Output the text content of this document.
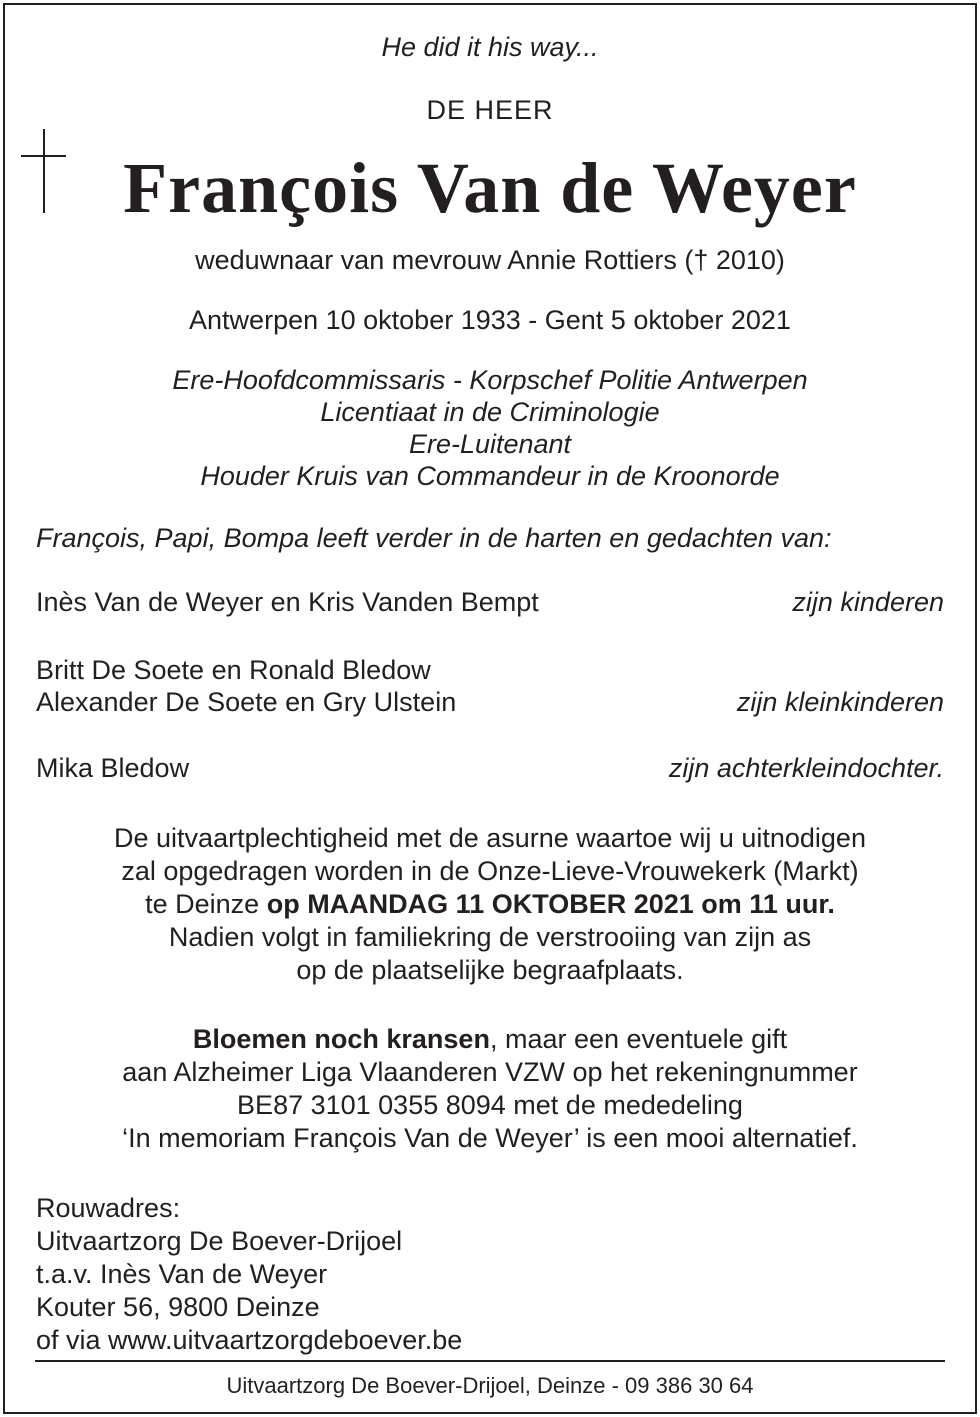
He did it his way...
DE HEER
François Van de Weyer
weduwnaar van mevrouw Annie Rottiers († 2010)
Antwerpen 10 oktober 1933 - Gent 5 oktober 2021
Ere-Hoofdcommissaris - Korpschef Politie Antwerpen
Licentiaat in de Criminologie
Ere-Luitenant
Houder Kruis van Commandeur in de Kroonorde
François, Papi, Bompa leeft verder in de harten en gedachten van:
Inès Van de Weyer en Kris Vanden Bempt	zijn kinderen
Britt De Soete en Ronald Bledow
Alexander De Soete en Gry Ulstein	zijn kleinkinderen
Mika Bledow	zijn achterkleindochter.
De uitvaartplechtigheid met de asurne waartoe wij u uitnodigen
zal opgedragen worden in de Onze-Lieve-Vrouwekerk (Markt)
te Deinze op MAANDAG 11 OKTOBER 2021 om 11 uur.
Nadien volgt in familiekring de verstrooiing van zijn as
op de plaatselijke begraafplaats.
Bloemen noch kransen, maar een eventuele gift
aan Alzheimer Liga Vlaanderen VZW op het rekeningnummer
BE87 3101 0355 8094 met de mededeling
‘In memoriam François Van de Weyer’ is een mooi alternatief.
Rouwadres:
Uitvaartzorg De Boever-Drijoel
t.a.v. Inès Van de Weyer
Kouter 56, 9800 Deinze
of via www.uitvaartzorgdeboever.be
Uitvaartzorg De Boever-Drijoel, Deinze - 09 386 30 64
